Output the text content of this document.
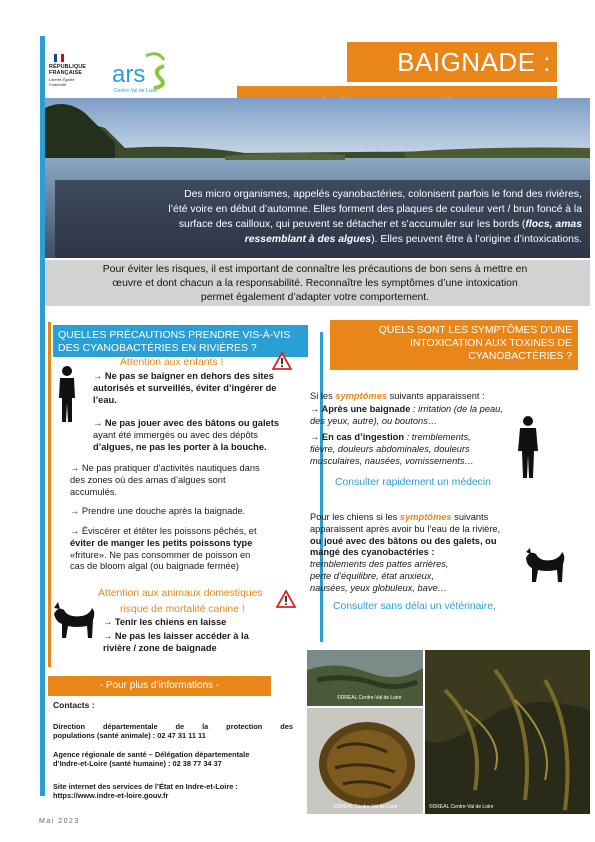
RÉPUBLIQUE
FRANÇAISE
Liberté Égalité Fraternité	ars
Centre-Val de Loire
BAIGNADE :
Des micro organismes, appelés cyanobactéries, colonisent parfois le fond des rivières,
l’été voire en début d’automne. Elles forment des plaques de couleur vert / brun foncé à la
surface des cailloux, qui peuvent se détacher et s’accumuler sur les bords (flocs, amas
ressemblant à des algues). Elles peuvent être à l’origine d’intoxications.
Pour éviter les risques, il est important de connaître les précautions de bon sens à mettre en
œuvre et dont chacun a la responsabilité. Reconnaître les symptômes d’une intoxication
permet également d’adapter votre comportement.
QUELLES PRÉCAUTIONS PRENDRE VIS-À-VIS
DES CYANOBACTÉRIES EN RIVIÈRES ?
Attention aux enfants !
→ Ne pas se baigner en dehors des sites
autorisés et surveillés, éviter d’ingérer de
l’eau.
→ Ne pas jouer avec des bâtons ou galets
ayant été immergés ou avec des dépôts
d’algues, ne pas les porter à la bouche.
→ Ne pas pratiquer d’activités nautiques dans
des zones où des amas d’algues sont
accumulés.
→ Prendre une douche après la baignade.
→ Éviscérer et étêter les poissons pêchés, et
éviter de manger les petits poissons type
«friture». Ne pas consommer de poisson en
cas de bloom algal (ou baignade fermée)
Attention aux animaux domestiques
risque de mortalité canine !
→ Tenir les chiens en laisse
→ Ne pas les laisser accéder à la
rivière / zone de baignade
QUELS SONT LES SYMPTÔMES D’UNE
INTOXICATION AUX TOXINES DE
CYANOBACTÉRIES ?
Si les symptômes suivants apparaissent :
→ Après une baignade : irritation (de la peau,
des yeux, autre), ou boutons…
→ En cas d’ingestion : tremblements,
fièvre, douleurs abdominales, douleurs
musculaires, nausées, vomissements…
Consulter rapidement un médecin
Pour les chiens si les symptômes suivants
apparaissent après avoir bu l’eau de la rivière,
ou joué avec des bâtons ou des galets, ou
mangé des cyanobactéries :
tremblements des pattes arrières,
perte d’équilibre, état anxieux,
nausées, yeux globuleux, bave…
Consulter sans délai un vétérinaire,
- Pour plus d’informations -
Contacts :
Direction départementale de la protection des
populations (santé animale) : 02 47 31 11 11
Agence régionale de santé – Délégation départementale
d’Indre-et-Loire (santé humaine) : 02 38 77 34 37
Site internet des services de l’État en Indre-et-Loire :
https://www.indre-et-loire.gouv.fr
©DREAL Centre-Val de Loire
©DREAL Centre-Val de Loire	©DREAL Centre-Val de Loire
Mai 2023
